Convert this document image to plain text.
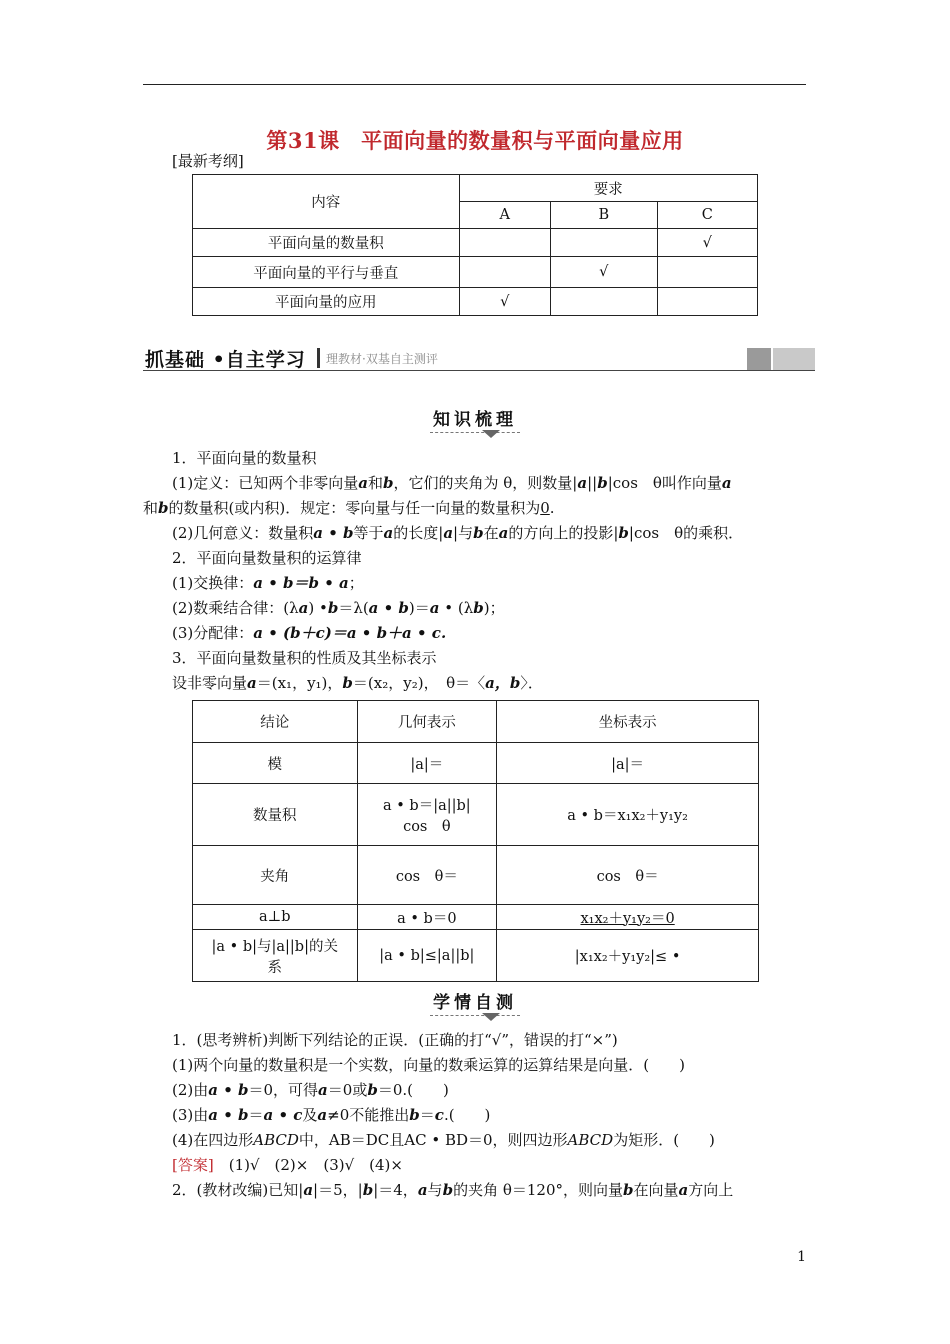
第31课　平面向量的数量积与平面向量应用
[最新考纲]
内容	要求		
	A	B	C
平面向量的数量积			√
平面向量的平行与垂直		√	
平面向量的应用	√		
抓基础 •自主学习 理教材·双基自主测评
知识梳理
1．平面向量的数量积
(1)定义：已知两个非零向量a和b，它们的夹角为 θ，则数量|a||b|cos　θ叫作向量a
和b的数量积(或内积)．规定：零向量与任一向量的数量积为0.
(2)几何意义：数量积a • b等于a的长度|a|与b在a的方向上的投影|b|cos　θ的乘积．
2．平面向量数量积的运算律
(1)交换律：a • b＝b • a；
(2)数乘结合律：(λa) •b＝λ(a • b)＝a • (λb)；
(3)分配律：a • (b＋c)＝a • b＋a • c.
3．平面向量数量积的性质及其坐标表示
设非零向量a＝(x₁，y₁)，b＝(x₂，y₂)，　θ＝〈a，b〉．
结论	几何表示	坐标表示
模	|a|＝	|a|＝
数量积	a • b＝|a||b| cos　θ	a • b＝x₁x₂＋y₁y₂
夹角	cos　θ＝	cos　θ＝
a⊥b	a • b＝0	x₁x₂＋y₁y₂＝0
|a • b|与|a||b|的关系	|a • b|≤|a||b|	|x₁x₂＋y₁y₂|≤ •
学情自测
1．(思考辨析)判断下列结论的正误．(正确的打“√”，错误的打“×”)
(1)两个向量的数量积是一个实数，向量的数乘运算的运算结果是向量．(　　)
(2)由a • b＝0，可得a＝0或b＝0.(　　)
(3)由a • b＝a • c及a≠0不能推出b＝c.(　　)
(4)在四边形ABCD中，AB＝DC且AC • BD＝0，则四边形ABCD为矩形．(　　)
[答案]　(1)√　(2)×　(3)√　(4)×
2．(教材改编)已知|a|＝5，|b|＝4，a与b的夹角 θ＝120°，则向量b在向量a方向上
1
